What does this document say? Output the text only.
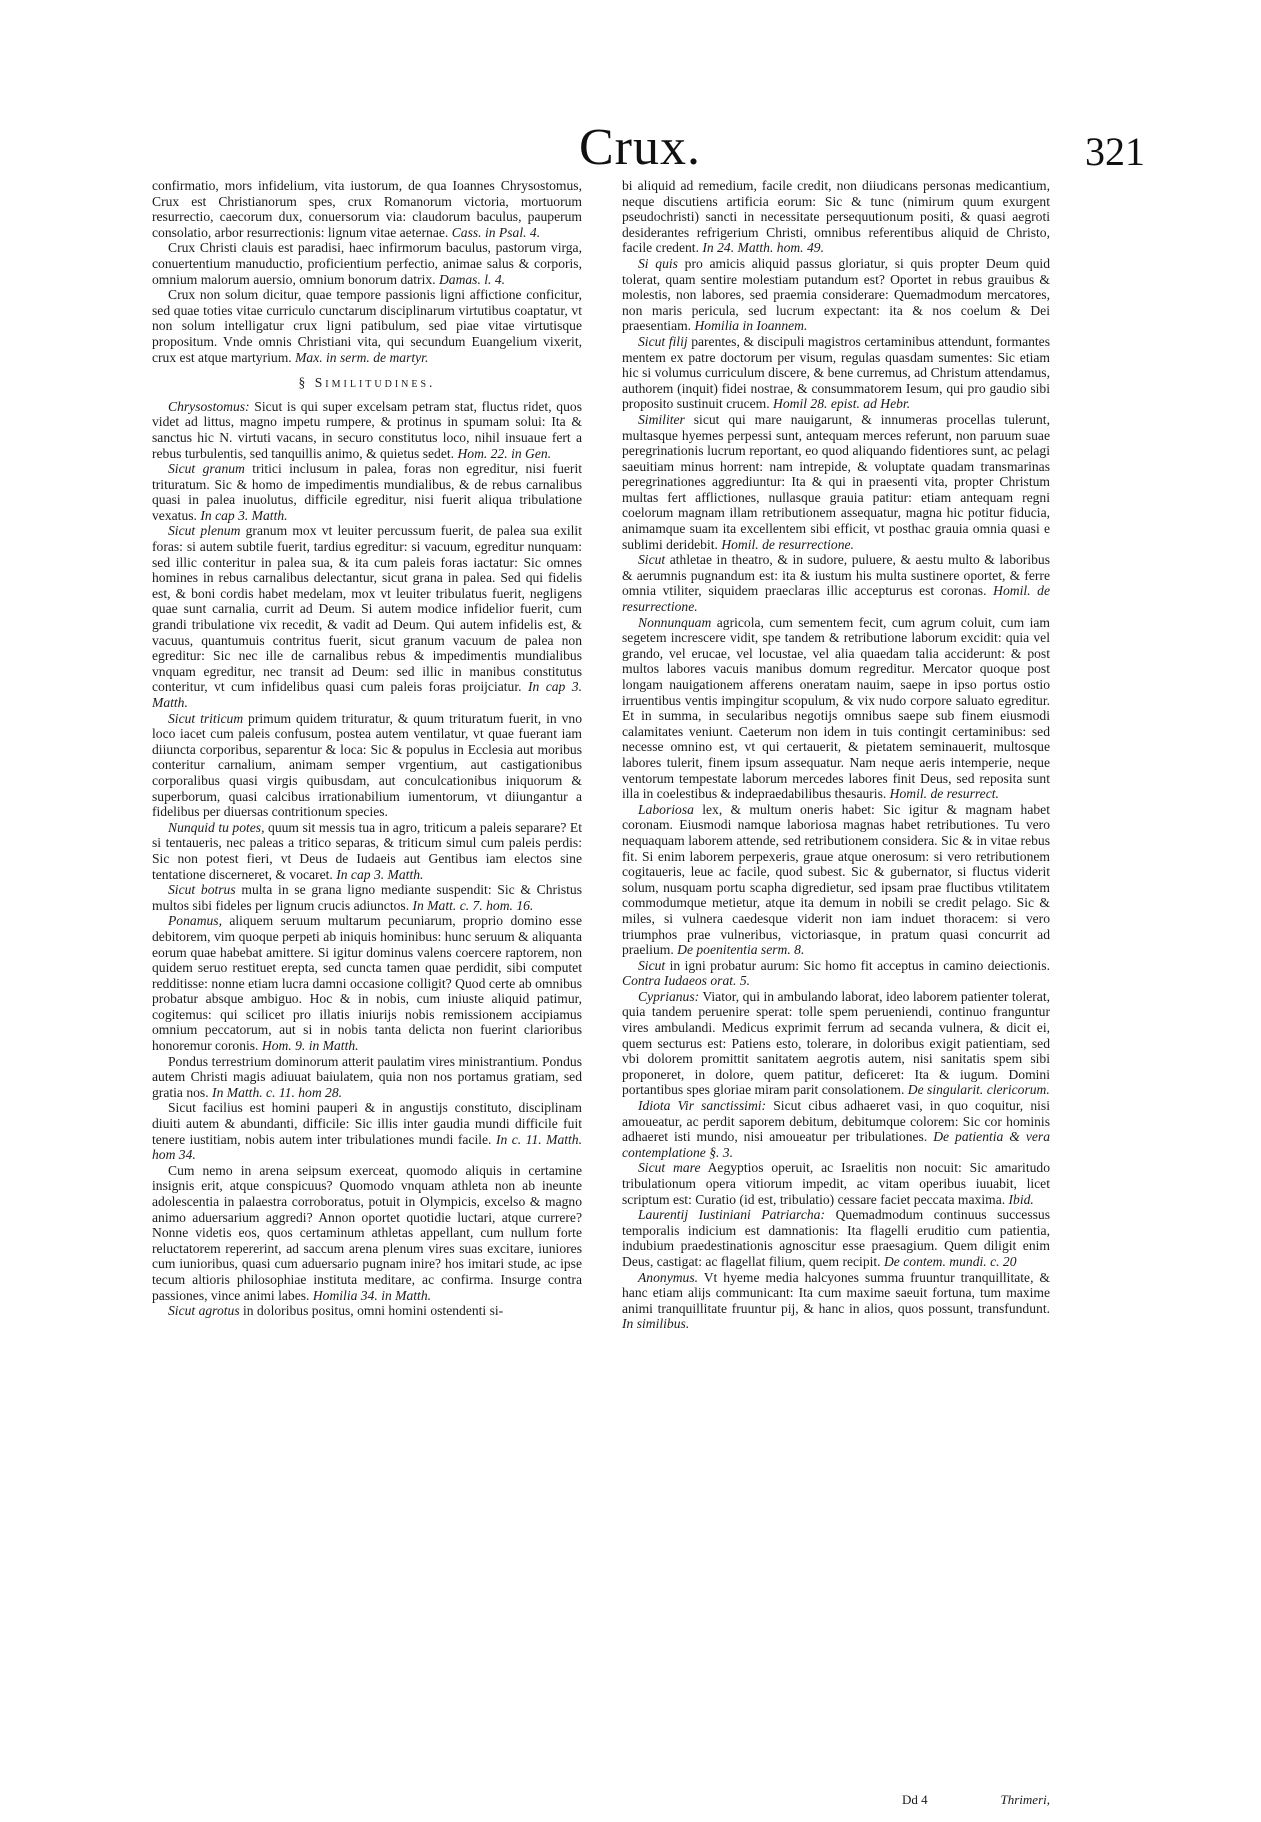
Crux.	321

confirmatio, mors infidelium, vita iustorum, de qua Ioannes Chrysostomus, Crux est Christianorum spes, crux Romanorum victoria, mortuorum resurrectio, caecorum dux, conuersorum via: claudorum baculus, pauperum consolatio, arbor resurrectionis: lignum vitae aeternae. Cass. in Psal. 4.

Crux Christi clauis est paradisi, haec infirmorum baculus, pastorum virga, conuertentium manuductio, proficientium perfectio, animae salus & corporis, omnium malorum auersio, omnium bonorum datrix. Damas. l. 4.

Crux non solum dicitur, quae tempore passionis ligni affictione conficitur, sed quae toties vitae curriculo cunctarum disciplinarum virtutibus coaptatur, vt non solum intelligatur crux ligni patibulum, sed piae vitae virtutisque propositum. Vnde omnis Christiani vita, qui secundum Euangelium vixerit, crux est atque martyrium. Max. in serm. de martyr.

§ Similitudines.

Chrysostomus: Sicut is qui super excelsam petram stat, fluctus ridet, quos videt ad littus, magno impetu rumpere, & protinus in spumam solui: Ita & sanctus hic N. virtuti vacans, in securo constitutus loco, nihil insuaue fert a rebus turbulentis, sed tanquillis animo, & quietus sedet. Hom. 22. in Gen.

Sicut granum tritici inclusum in palea, foras non egreditur, nisi fuerit trituratum. Sic & homo de impedimentis mundialibus, & de rebus carnalibus quasi in palea inuolutus, difficile egreditur, nisi fuerit aliqua tribulatione vexatus. In cap 3. Matth.

Sicut plenum granum mox vt leuiter percussum fuerit, de palea sua exilit foras: si autem subtile fuerit, tardius egreditur: si vacuum, egreditur nunquam: sed illic conteritur in palea sua, & ita cum paleis foras iactatur: Sic omnes homines in rebus carnalibus delectantur, sicut grana in palea. Sed qui fidelis est, & boni cordis habet medelam, mox vt leuiter tribulatus fuerit, negligens quae sunt carnalia, currit ad Deum. Si autem modice infidelior fuerit, cum grandi tribulatione vix recedit, & vadit ad Deum. Qui autem infidelis est, & vacuus, quantumuis contritus fuerit, sicut granum vacuum de palea non egreditur: Sic nec ille de carnalibus rebus & impedimentis mundialibus vnquam egreditur, nec transit ad Deum: sed illic in manibus constitutus conteritur, vt cum infidelibus quasi cum paleis foras proijciatur. In cap 3. Matth.

Sicut triticum primum quidem trituratur, & quum trituratum fuerit, in vno loco iacet cum paleis confusum, postea autem ventilatur, vt quae fuerant iam diiuncta corporibus, separentur & loca: Sic & populus in Ecclesia aut moribus conteritur carnalium, animam semper vrgentium, aut castigationibus corporalibus quasi virgis quibusdam, aut conculcationibus iniquorum & superborum, quasi calcibus irrationabilium iumentorum, vt diiungantur a fidelibus per diuersas contritionum species.

Nunquid tu potes, quum sit messis tua in agro, triticum a paleis separare? Et si tentaueris, nec paleas a tritico separas, & triticum simul cum paleis perdis: Sic non potest fieri, vt Deus de Iudaeis aut Gentibus iam electos sine tentatione discerneret, & vocaret. In cap 3. Matth.

Sicut botrus multa in se grana ligno mediante suspendit: Sic & Christus multos sibi fideles per lignum crucis adiunctos. In Matt. c. 7. hom. 16.

Ponamus, aliquem seruum multarum pecuniarum, proprio domino esse debitorem, vim quoque perpeti ab iniquis hominibus: hunc seruum & aliquanta eorum quae habebat amittere. Si igitur dominus valens coercere raptorem, non quidem seruo restituet erepta, sed cuncta tamen quae perdidit, sibi computet redditisse: nonne etiam lucra damni occasione colligit? Quod certe ab omnibus probatur absque ambiguo. Hoc & in nobis, cum iniuste aliquid patimur, cogitemus: qui scilicet pro illatis iniurijs nobis remissionem accipiamus omnium peccatorum, aut si in nobis tanta delicta non fuerint clarioribus honoremur coronis. Hom. 9. in Matth.

Pondus terrestrium dominorum atterit paulatim vires ministrantium. Pondus autem Christi magis adiuuat baiulatem, quia non nos portamus gratiam, sed gratia nos. In Matth. c. 11. hom 28.

Sicut facilius est homini pauperi & in angustijs constituto, disciplinam diuiti autem & abundanti, difficile: Sic illis inter gaudia mundi difficile fuit tenere iustitiam, nobis autem inter tribulationes mundi facile. In c. 11. Matth. hom 34.

Cum nemo in arena seipsum exerceat, quomodo aliquis in certamine insignis erit, atque conspicuus? Quomodo vnquam athleta non ab ineunte adolescentia in palaestra corroboratus, potuit in Olympicis, excelso & magno animo aduersarium aggredi? Annon oportet quotidie luctari, atque currere? Nonne videtis eos, quos certaminum athletas appellant, cum nullum forte reluctatorem repererint, ad saccum arena plenum vires suas excitare, iuniores cum iunioribus, quasi cum aduersario pugnam inire? hos imitari stude, ac ipse tecum altioris philosophiae instituta meditare, ac confirma. Insurge contra passiones, vince animi labes. Homilia 34. in Matth.

Sicut agrotus in doloribus positus, omni homini ostendenti si-

bi aliquid ad remedium, facile credit, non diiudicans personas medicantium, neque discutiens artificia eorum: Sic & tunc (nimirum quum exurgent pseudochristi) sancti in necessitate persequutionum positi, & quasi aegroti desiderantes refrigerium Christi, omnibus referentibus aliquid de Christo, facile credent. In 24. Matth. hom. 49.

Si quis pro amicis aliquid passus gloriatur, si quis propter Deum quid tolerat, quam sentire molestiam putandum est? Oportet in rebus grauibus & molestis, non labores, sed praemia considerare: Quemadmodum mercatores, non maris pericula, sed lucrum expectant: ita & nos coelum & Dei praesentiam. Homilia in Ioannem.

Sicut filij parentes, & discipuli magistros certaminibus attendunt, formantes mentem ex patre doctorum per visum, regulas quasdam sumentes: Sic etiam hic si volumus curriculum discere, & bene curremus, ad Christum attendamus, authorem (inquit) fidei nostrae, & consummatorem Iesum, qui pro gaudio sibi proposito sustinuit crucem. Homil 28. epist. ad Hebr.

Similiter sicut qui mare nauigarunt, & innumeras procellas tulerunt, multasque hyemes perpessi sunt, antequam merces referunt, non paruum suae peregrinationis lucrum reportant, eo quod aliquando fidentiores sunt, ac pelagi saeuitiam minus horrent: nam intrepide, & voluptate quadam transmarinas peregrinationes aggrediuntur: Ita & qui in praesenti vita, propter Christum multas fert afflictiones, nullasque grauia patitur: etiam antequam regni coelorum magnam illam retributionem assequatur, magna hic potitur fiducia, animamque suam ita excellentem sibi efficit, vt posthac grauia omnia quasi e sublimi deridebit. Homil. de resurrectione.

Sicut athletae in theatro, & in sudore, puluere, & aestu multo & laboribus & aerumnis pugnandum est: ita & iustum his multa sustinere oportet, & ferre omnia vtiliter, siquidem praeclaras illic accepturus est coronas. Homil. de resurrectione.

Nonnunquam agricola, cum sementem fecit, cum agrum coluit, cum iam segetem increscere vidit, spe tandem & retributione laborum excidit: quia vel grando, vel erucae, vel locustae, vel alia quaedam talia acciderunt: & post multos labores vacuis manibus domum regreditur. Mercator quoque post longam nauigationem afferens oneratam nauim, saepe in ipso portus ostio irruentibus ventis impingitur scopulum, & vix nudo corpore saluato egreditur. Et in summa, in secularibus negotijs omnibus saepe sub finem eiusmodi calamitates veniunt. Caeterum non idem in tuis contingit certaminibus: sed necesse omnino est, vt qui certauerit, & pietatem seminauerit, multosque labores tulerit, finem ipsum assequatur. Nam neque aeris intemperie, neque ventorum tempestate laborum mercedes labores finit Deus, sed reposita sunt illa in coelestibus & indepraedabilibus thesauris. Homil. de resurrect.

Laboriosa lex, & multum oneris habet: Sic igitur & magnam habet coronam. Eiusmodi namque laboriosa magnas habet retributiones. Tu vero nequaquam laborem attende, sed retributionem considera. Sic & in vitae rebus fit. Si enim laborem perpexeris, graue atque onerosum: si vero retributionem cogitaueris, leue ac facile, quod subest. Sic & gubernator, si fluctus viderit solum, nusquam portu scapha digredietur, sed ipsam prae fluctibus vtilitatem commodumque metietur, atque ita demum in nobili se credit pelago. Sic & miles, si vulnera caedesque viderit non iam induet thoracem: si vero triumphos prae vulneribus, victoriasque, in pratum quasi concurrit ad praelium. De poenitentia serm. 8.

Sicut in igni probatur aurum: Sic homo fit acceptus in camino deiectionis. Contra Iudaeos orat. 5.

Cyprianus: Viator, qui in ambulando laborat, ideo laborem patienter tolerat, quia tandem peruenire sperat: tolle spem perueniendi, continuo franguntur vires ambulandi. Medicus exprimit ferrum ad secanda vulnera, & dicit ei, quem secturus est: Patiens esto, tolerare, in doloribus exigit patientiam, sed vbi dolorem promittit sanitatem aegrotis autem, nisi sanitatis spem sibi proponeret, in dolore, quem patitur, deficeret: Ita & iugum. Domini portantibus spes gloriae miram parit consolationem. De singularit. clericorum.

Idiota Vir sanctissimi: Sicut cibus adhaeret vasi, in quo coquitur, nisi amoueatur, ac perdit saporem debitum, debitumque colorem: Sic cor hominis adhaeret isti mundo, nisi amoueatur per tribulationes. De patientia & vera contemplatione §. 3.

Sicut mare Aegyptios operuit, ac Israelitis non nocuit: Sic amaritudo tribulationum opera vitiorum impedit, ac vitam operibus iuuabit, licet scriptum est: Curatio (id est, tribulatio) cessare faciet peccata maxima. Ibid.

Laurentij Iustiniani Patriarcha: Quemadmodum continuus successus temporalis indicium est damnationis: Ita flagelli eruditio cum patientia, indubium praedestinationis agnoscitur esse praesagium. Quem diligit enim Deus, castigat: ac flagellat filium, quem recipit. De contem. mundi. c. 20

Anonymus. Vt hyeme media halcyones summa fruuntur tranquillitate, & hanc etiam alijs communicant: Ita cum maxime saeuit fortuna, tum maxime animi tranquillitate fruuntur pij, & hanc in alios, quos possunt, transfundunt. In similibus.

Dd 4	Thrimeri,
